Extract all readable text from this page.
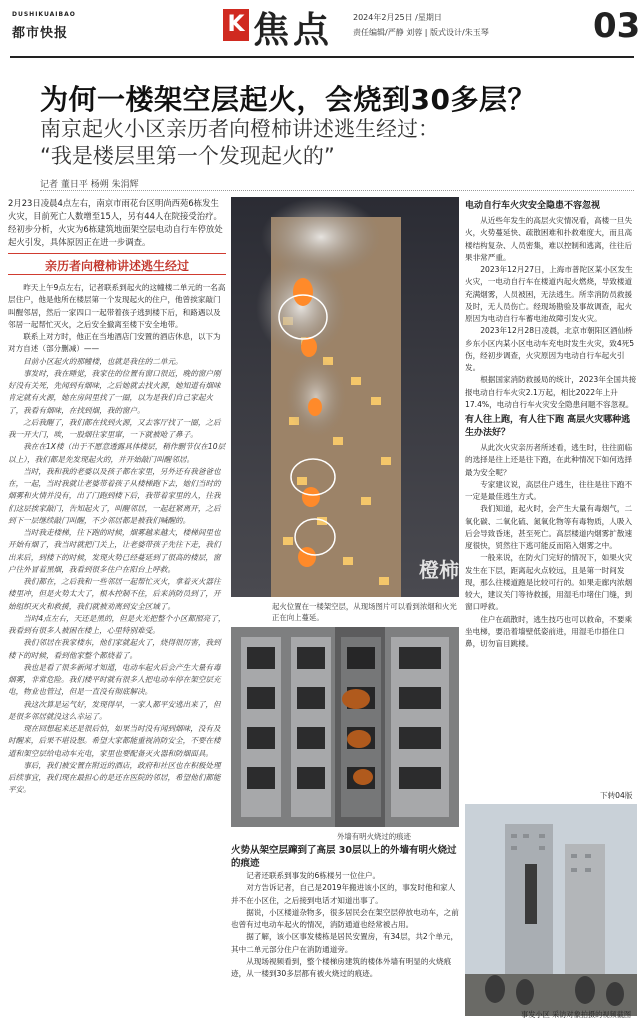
DUSHIKUAIBAO
都市快报	K 焦点 2024年2月25日 /星期日
责任编辑/严静 刘蓉 | 版式设计/朱玉琴	03
为何一楼架空层起火，会烧到30多层？
南京起火小区亲历者向橙柿讲述逃生经过：
“我是楼层里第一个发现起火的”
记者 董日平 杨朔 朱涓辉
2月23日凌晨4点左右，南京市雨花台区明尚西苑6栋发生火灾，目前死亡人数增至15人，另有44人在院接受治疗。经初步分析，火灾为6栋建筑地面架空层电动自行车停放处起火引发，具体原因正在进一步调查。
亲历者向橙柿讲述逃生经过

昨天上午9点左右，记者联系到起火的这幢楼二单元的一名高层住户，他是他所在楼层第一个发现起火的住户，他曾挨家敲门叫醒邻居，然后一家四口一起带着孩子逃到楼下后，和路遇以及邻居一起帮忙灭火，之后安全撤离至楼下安全地带。

联系上对方时，他正在当地酒店门安置的酒店休息，以下为对方自述（部分删减）——

目前小区起火的那幢楼，也就是我住的二单元。

事发时，我在睡觉，我家住的位置有窗口很近，晚的窗户刚好没有关死，先闻到有烟味，之后她就去找火源，她知道有烟味肯定就有火源，她在房间里找了一圈，以为是我们自己家起火了，我看有烟味，在找到烟，我的窗户。

之后我醒了，我们都在找到火源，又去客厅找了一圈，之后我一开大门，唉，一股烟往家里窜，一下就被呛了鼻子。

我在在1X楼（出于不愿意透露具体楼层，稍作删节仅在10层以上），我们都是先发现起火的，并开始敲门叫醒邻居。

当时，我和我的老婆以及孩子都在家里，另外还有我爸爸也在，一起，当时我就让老婆带着孩子从楼梯跑下去，她们当时的烟雾和火情并没有，出了门跑到楼下后，我带着家里的人，往我们这层挨家敲门，告知起火了，叫醒邻居，一起赶紧离开，之后到下一层继续敲门叫醒，不少邻居都是被我们喊醒的。

当时我走楼梯，往下跑的时候，烟雾越来越大，楼梯间里也开始有烟了，我当时就把门关上，让老婆带孩子先往下走，我们出来后，到楼下的时候，发现火势已经蔓延到了很高的楼层，窗户往外冒着黑烟，我看到很多住户在阳台上呼救。

我们都在，之后我和一些邻居一起帮忙灭火，拿着灭火器往楼里冲，但是火势太大了，根本控制不住，后来消防员到了，开始组织灭火和救援，我们就被劝离到安全区域了。

当时4点左右，天还是黑的，但是火光把整个小区都照亮了，我看到有很多人被困在楼上，心里特别难受。

我们邻居在我家楼东，他们家就起火了，烧得很厉害，我到楼下的时候，看到他家整个都烧着了。

我也是看了很多新闻才知道，电动车起火后会产生大量有毒烟雾，非常危险。我们楼平时就有很多人把电动车停在架空层充电，物业也管过，但是一直没有彻底解决。

我这次算是运气好，发现得早，一家人都平安逃出来了，但是很多邻居就没这么幸运了。

现在回想起来还是很后怕，如果当时没有闻到烟味，没有及时醒来，后果不堪设想。希望大家都能重视消防安全，不要在楼道和架空层给电动车充电，家里也要配备灭火器和防烟面具。

事后，我们被安置在附近的酒店，政府和社区也在积极处理后续事宜，我们现在最担心的是还在医院的邻居，希望他们都能平安。

橙柿
起火位置在一楼架空层，从现场图片可以看到浓烟和火光正在向上蔓延。
外墙有明火烧过的痕迹
火势从架空层蹿到了高层 30层以上的外墙有明火烧过的痕迹

记者还联系到事发的6栋楼另一位住户。

对方告诉记者，自己是2019年搬进该小区的，事发时他和家人并不在小区住，之后接到电话才知道出事了。

据说，小区楼道杂物多，很多居民会在架空层停放电动车，之前也曾有过电动车起火的情况，消防通道也经常被占用。

据了解，该小区事发楼栋是居民安置房，有34层，共2个单元，其中二单元部分住户在消防通道旁。

从现场视频看到，整个楼梯房建筑的楼体外墙有明显的火烧痕迹，从一楼到30多层都有被火烧过的痕迹。

电动自行车火灾安全隐患不容忽视

从近些年发生的高层火灾情况看，高楼一旦失火，火势蔓延快、疏散困难和扑救难度大，而且高楼结构复杂、人员密集，难以控制和逃离，往往后果非常严重。

2023年12月27日，上海市普陀区某小区发生火灾，一电动自行车在楼道内起火燃烧，导致楼道充满烟雾，人员被困，无法逃生。所幸消防员救援及时，无人员伤亡。经现场勘验及事故调查，起火原因为电动自行车蓄电池故障引发火灾。

2023年12月28日凌晨，北京市朝阳区酒仙桥乡东小区内某小区电动车充电时发生火灾，致4死5伤，经初步调查，火灾原因为电动自行车起火引发。

根据国家消防救援局的统计，2023年全国共接报电动自行车火灾2.1万起，相比2022年上升17.4%，电动自行车火灾安全隐患问题不容忽视。

有人往上跑，有人往下跑 高层火灾哪种逃生办法好？

从此次火灾亲历者所述看，逃生时，往往面临的选择是往上还是往下跑，在此种情况下如何选择最为安全呢？

专家建议说，高层住户逃生，往往是往下跑不一定是最佳逃生方式。

我们知道，起火时，会产生大量有毒烟气，二氧化碳、二氧化硫、氮氧化物等有毒物质，人吸入后会导致昏迷，甚至死亡。高层楼道内烟雾扩散速度很快，贸然往下逃可能反而陷入烟雾之中。

一般来说，在防火门完好的情况下，如果火灾发生在下层，距离起火点较远，且是第一时间发现，那么往楼道跑是比较可行的。如果走廊内浓烟较大，建议关门等待救援，用湿毛巾堵住门缝，到窗口呼救。

住户在疏散时，逃生技巧也可以救命，不要乘坐电梯，要沿着墙壁低姿前进，用湿毛巾捂住口鼻，切勿盲目跳楼。

下转04版
事发小区 采访对象拍摄的视频截图
